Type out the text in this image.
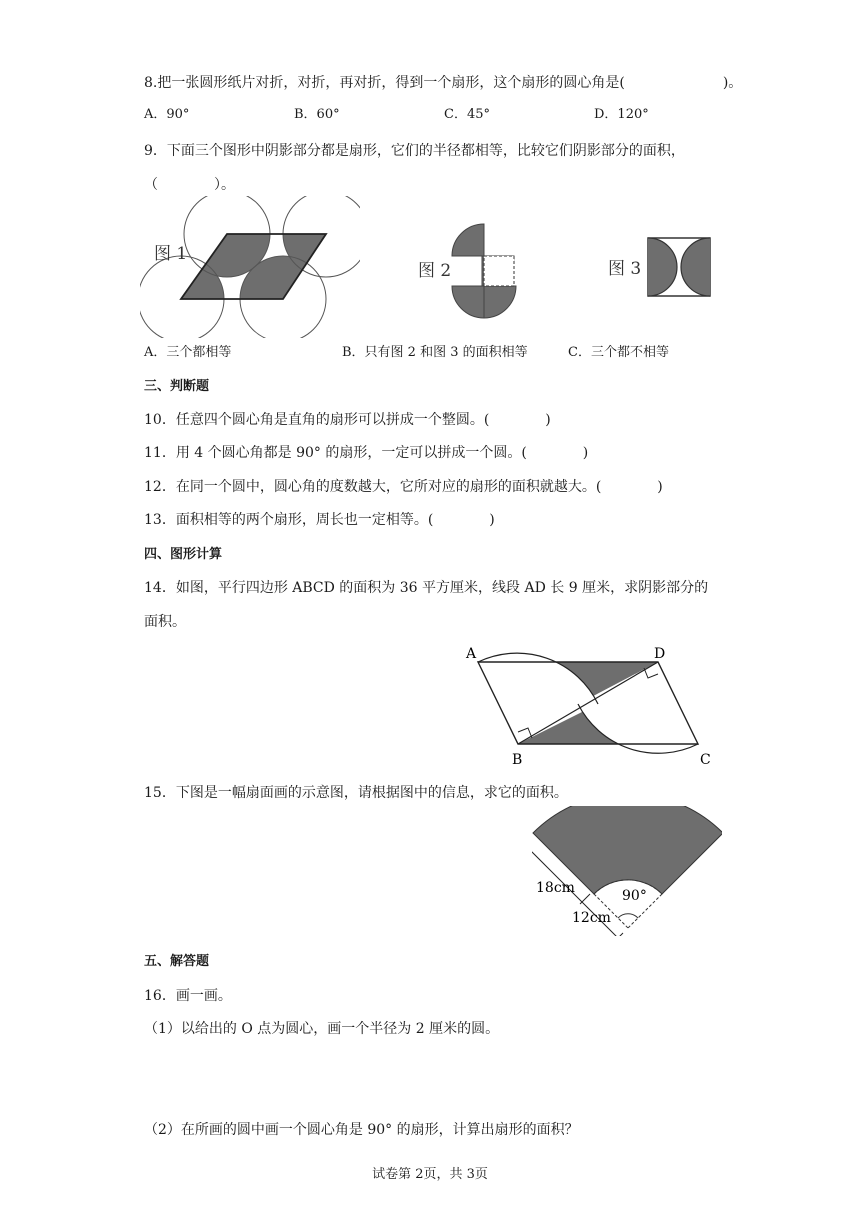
8.把一张圆形纸片对折，对折，再对折，得到一个扇形，这个扇形的圆心角是(	)。
A．90°	B．60°	C．45°	D．120°
9．下面三个图形中阴影部分都是扇形，它们的半径都相等，比较它们阴影部分的面积，
（　　　　）。
图 1
图 2	图 3
A．三个都相等	B．只有图 2 和图 3 的面积相等	C．三个都不相等
三、判断题
10．任意四个圆心角是直角的扇形可以拼成一个整圆。(　　　　)
11．用 4 个圆心角都是 90° 的扇形，一定可以拼成一个圆。(　　　　)
12．在同一个圆中，圆心角的度数越大，它所对应的扇形的面积就越大。(　　　　)
13．面积相等的两个扇形，周长也一定相等。(　　　　)
四、图形计算
14．如图，平行四边形 ABCD 的面积为 36 平方厘米，线段 AD 长 9 厘米，求阴影部分的
面积。
A	D
B	C
15．下图是一幅扇面画的示意图，请根据图中的信息，求它的面积。
90°
18cm
12cm
五、解答题
16．画一画。
（1）以给出的 O 点为圆心，画一个半径为 2 厘米的圆。
（2）在所画的圆中画一个圆心角是 90° 的扇形，计算出扇形的面积？
试卷第 2页，共 3页
